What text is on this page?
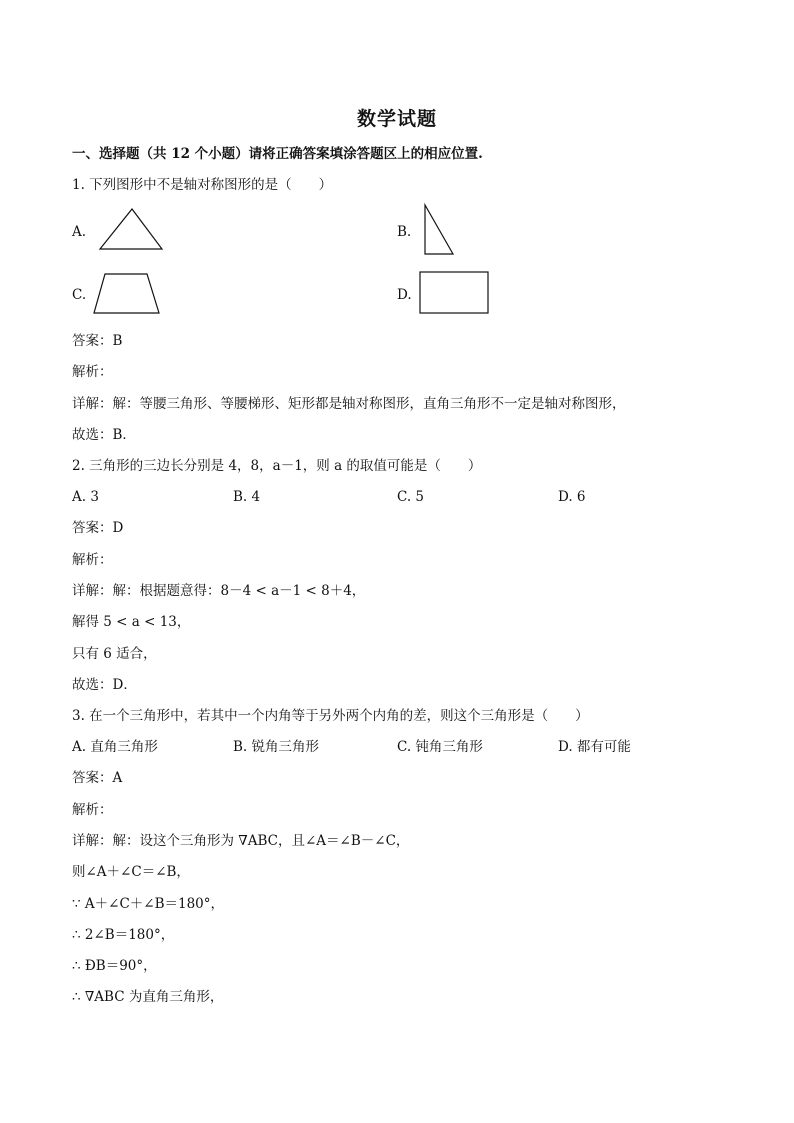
数学试题
一、选择题（共 12 个小题）请将正确答案填涂答题区上的相应位置.
1. 下列图形中不是轴对称图形的是（　　）
A.	B.
C.	D.
答案：B
解析：
详解：解：等腰三角形、等腰梯形、矩形都是轴对称图形，直角三角形不一定是轴对称图形，
故选：B．
2. 三角形的三边长分别是 4，8，a－1，则 a 的取值可能是（　　）
A. 3	B. 4	C. 5	D. 6
答案：D
解析：
详解：解：根据题意得：8－4 < a－1 < 8＋4，
解得 5 < a < 13，
只有 6 适合，
故选：D．
3. 在一个三角形中，若其中一个内角等于另外两个内角的差，则这个三角形是（　　）
A. 直角三角形	B. 锐角三角形	C. 钝角三角形	D. 都有可能
答案：A
解析：
详解：解：设这个三角形为 ∇ABC，且∠A＝∠B－∠C，
则∠A＋∠C＝∠B，
∵ A＋∠C＋∠B＝180°，
∴ 2∠B＝180°，
∴ ÐB＝90°，
∴ ∇ABC 为直角三角形，
